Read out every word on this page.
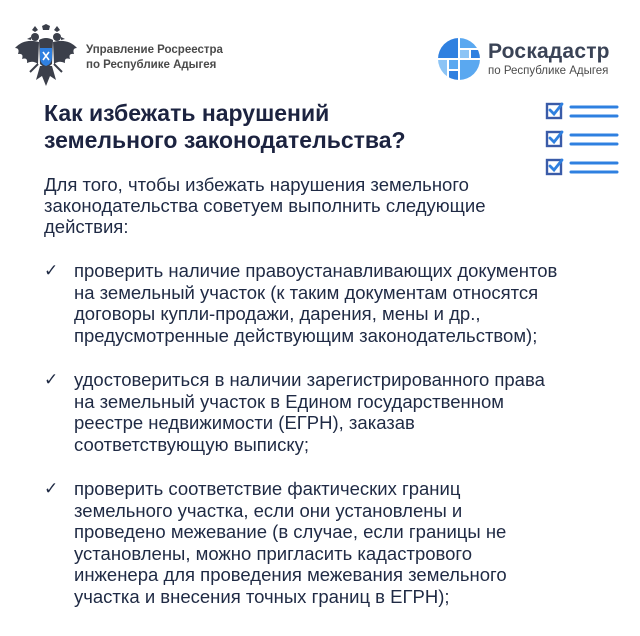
Управление Росреестра
по Республике Адыгея
Роскадастр
по Республике Адыгея
Как избежать нарушений
земельного законодательства?
Для того, чтобы избежать нарушения земельного
законодательства советуем выполнить следующие
действия:
✓ проверить наличие правоустанавливающих документов
на земельный участок (к таким документам относятся
договоры купли-продажи, дарения, мены и др.,
предусмотренные действующим законодательством);
✓ удостовериться в наличии зарегистрированного права
на земельный участок в Едином государственном
реестре недвижимости (ЕГРН), заказав
соответствующую выписку;
✓ проверить соответствие фактических границ
земельного участка, если они установлены и
проведено межевание (в случае, если границы не
установлены, можно пригласить кадастрового
инженера для проведения межевания земельного
участка и внесения точных границ в ЕГРН);
